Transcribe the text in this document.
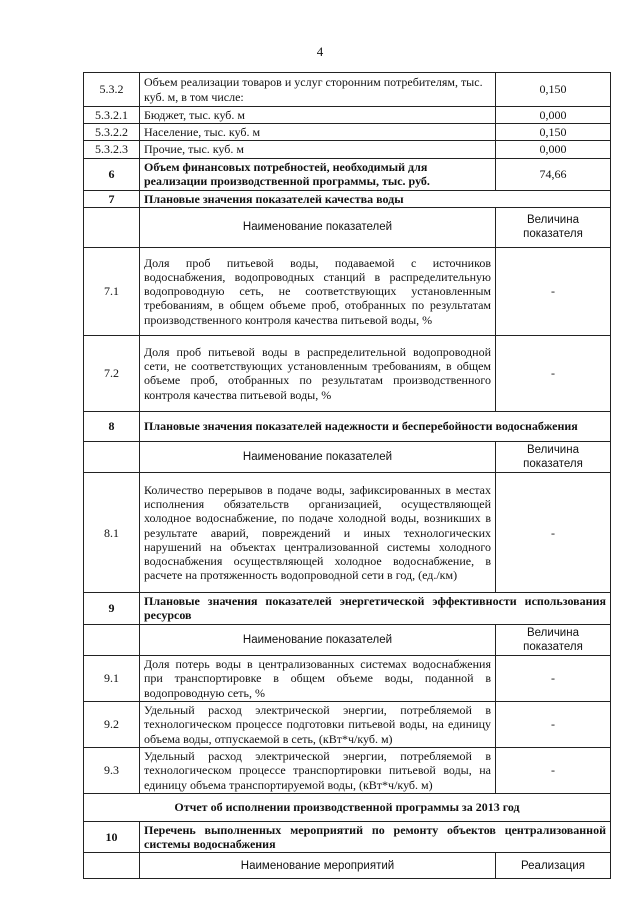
4
5.3.2	Объем реализации товаров и услуг сторонним потребителям, тыс. куб. м, в том числе:	0,150
5.3.2.1	Бюджет, тыс. куб. м	0,000
5.3.2.2	Население, тыс. куб. м	0,150
5.3.2.3	Прочие, тыс. куб. м	0,000
6	Объем финансовых потребностей, необходимый для реализации производственной программы, тыс. руб.	74,66
7	Плановые значения показателей качества воды	
	Наименование показателей	Величина показателя
7.1	Доля проб питьевой воды, подаваемой с источников водоснабжения, водопроводных станций в распределительную водопроводную сеть, не соответствующих установленным требованиям, в общем объеме проб, отобранных по результатам производственного контроля качества питьевой воды, %	-
7.2	Доля проб питьевой воды в распределительной водопроводной сети, не соответствующих установленным требованиям, в общем объеме проб, отобранных по результатам производственного контроля качества питьевой воды, %	-
8	Плановые значения показателей надежности и бесперебойности водоснабжения	
	Наименование показателей	Величина показателя
8.1	Количество перерывов в подаче воды, зафиксированных в местах исполнения обязательств организацией, осуществляющей холодное водоснабжение, по подаче холодной воды, возникших в результате аварий, повреждений и иных технологических нарушений на объектах централизованной системы холодного водоснабжения осуществляющей холодное водоснабжение, в расчете на протяженность водопроводной сети в год, (ед./км)	-
9	Плановые значения показателей энергетической эффективности использования ресурсов	
	Наименование показателей	Величина показателя
9.1	Доля потерь воды в централизованных системах водоснабжения при транспортировке в общем объеме воды, поданной в водопроводную сеть, %	-
9.2	Удельный расход электрической энергии, потребляемой в технологическом процессе подготовки питьевой воды, на единицу объема воды, отпускаемой в сеть, (кВт*ч/куб. м)	-
9.3	Удельный расход электрической энергии, потребляемой в технологическом процессе транспортировки питьевой воды, на единицу объема транспортируемой воды, (кВт*ч/куб. м)	-
Отчет об исполнении производственной программы за 2013 год		
10	Перечень выполненных мероприятий по ремонту объектов централизованной системы водоснабжения	
	Наименование мероприятий	Реализация
